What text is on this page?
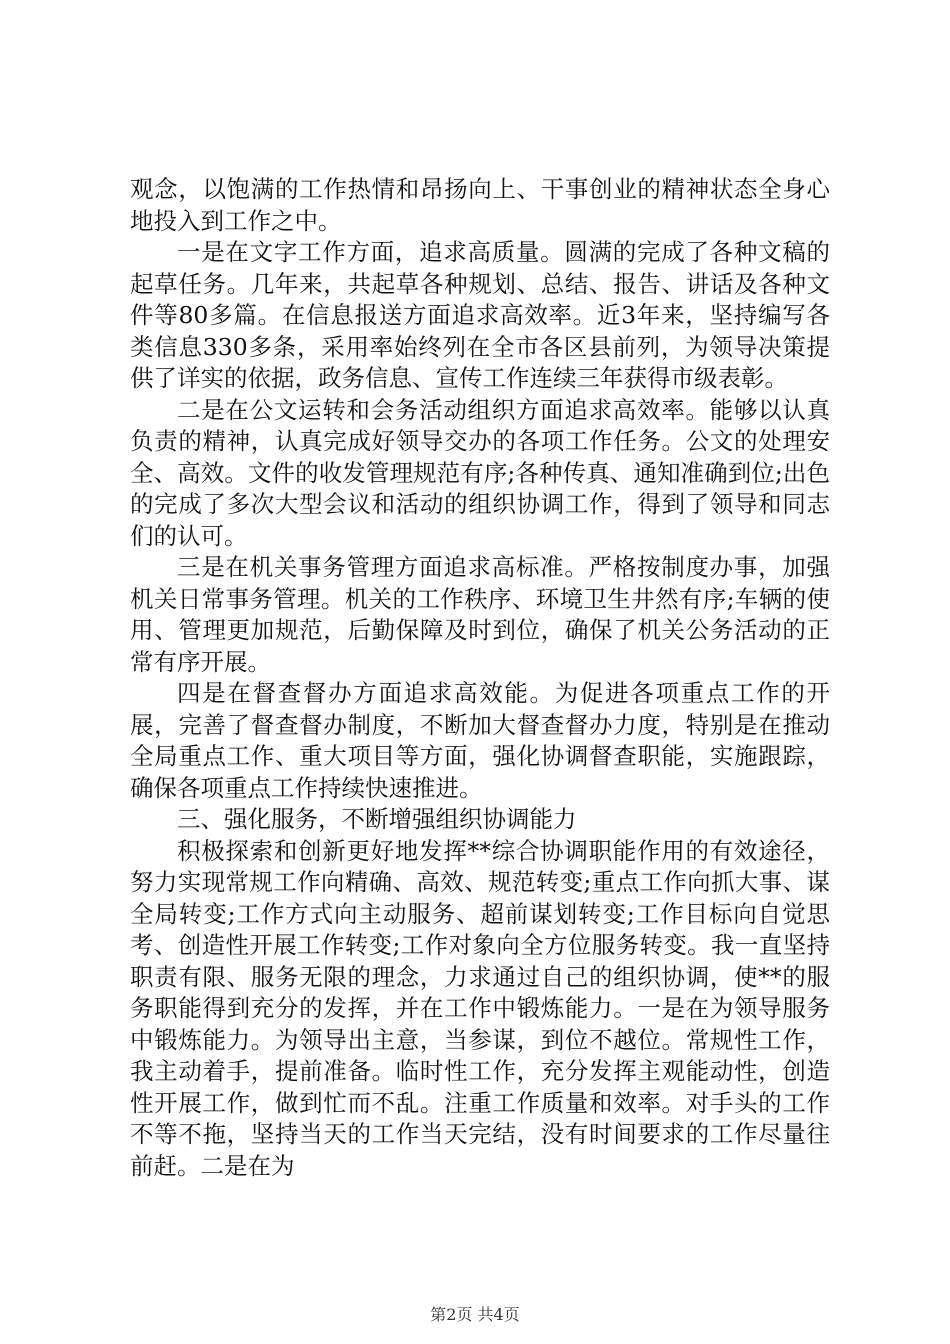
观念，以饱满的工作热情和昂扬向上、干事创业的精神状态全身心地投入到工作之中。

一是在文字工作方面，追求高质量。圆满的完成了各种文稿的起草任务。几年来，共起草各种规划、总结、报告、讲话及各种文件等80多篇。在信息报送方面追求高效率。近3年来，坚持编写各类信息330多条，采用率始终列在全市各区县前列，为领导决策提供了详实的依据，政务信息、宣传工作连续三年获得市级表彰。

二是在公文运转和会务活动组织方面追求高效率。能够以认真负责的精神，认真完成好领导交办的各项工作任务。公文的处理安全、高效。文件的收发管理规范有序;各种传真、通知准确到位;出色的完成了多次大型会议和活动的组织协调工作，得到了领导和同志们的认可。

三是在机关事务管理方面追求高标准。严格按制度办事，加强机关日常事务管理。机关的工作秩序、环境卫生井然有序;车辆的使用、管理更加规范，后勤保障及时到位，确保了机关公务活动的正常有序开展。

四是在督查督办方面追求高效能。为促进各项重点工作的开展，完善了督查督办制度，不断加大督查督办力度，特别是在推动全局重点工作、重大项目等方面，强化协调督查职能，实施跟踪，确保各项重点工作持续快速推进。

三、强化服务，不断增强组织协调能力

积极探索和创新更好地发挥**综合协调职能作用的有效途径，努力实现常规工作向精确、高效、规范转变;重点工作向抓大事、谋全局转变;工作方式向主动服务、超前谋划转变;工作目标向自觉思考、创造性开展工作转变;工作对象向全方位服务转变。我一直坚持职责有限、服务无限的理念，力求通过自己的组织协调，使**的服务职能得到充分的发挥，并在工作中锻炼能力。一是在为领导服务中锻炼能力。为领导出主意，当参谋，到位不越位。常规性工作，我主动着手，提前准备。临时性工作，充分发挥主观能动性，创造性开展工作，做到忙而不乱。注重工作质量和效率。对手头的工作不等不拖，坚持当天的工作当天完结，没有时间要求的工作尽量往前赶。二是在为

第2页 共4页
